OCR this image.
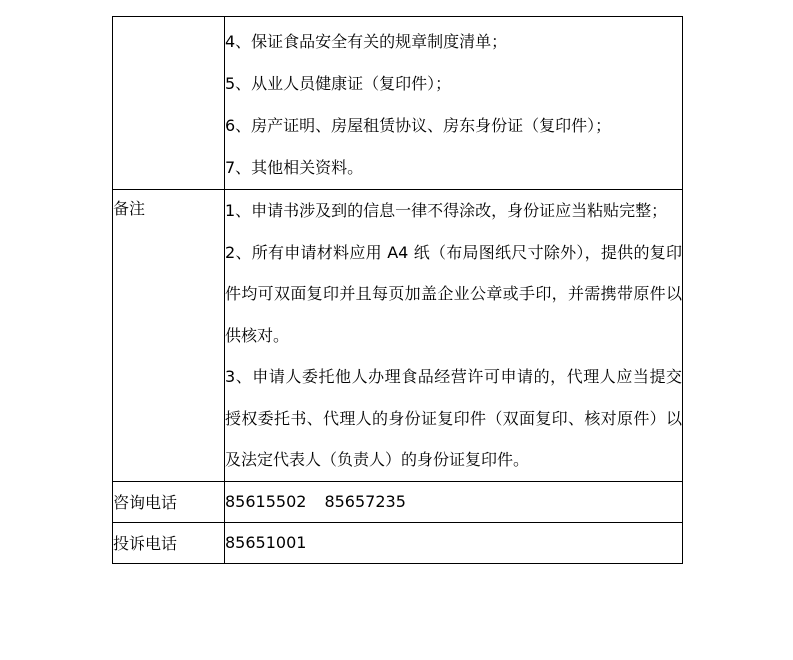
	4、保证食品安全有关的规章制度清单；
5、从业人员健康证（复印件）；
6、房产证明、房屋租赁协议、房东身份证（复印件）；
7、其他相关资料。

备注	1、申请书涉及到的信息一律不得涂改，身份证应当粘贴完整；

2、所有申请材料应用 A4 纸（布局图纸尺寸除外），提供的复印件均可双面复印并且每页加盖企业公章或手印，并需携带原件以供核对。

3、申请人委托他人办理食品经营许可申请的，代理人应当提交授权委托书、代理人的身份证复印件（双面复印、核对原件）以及法定代表人（负责人）的身份证复印件。

咨询电话	85615502 85657235
投诉电话	85651001
